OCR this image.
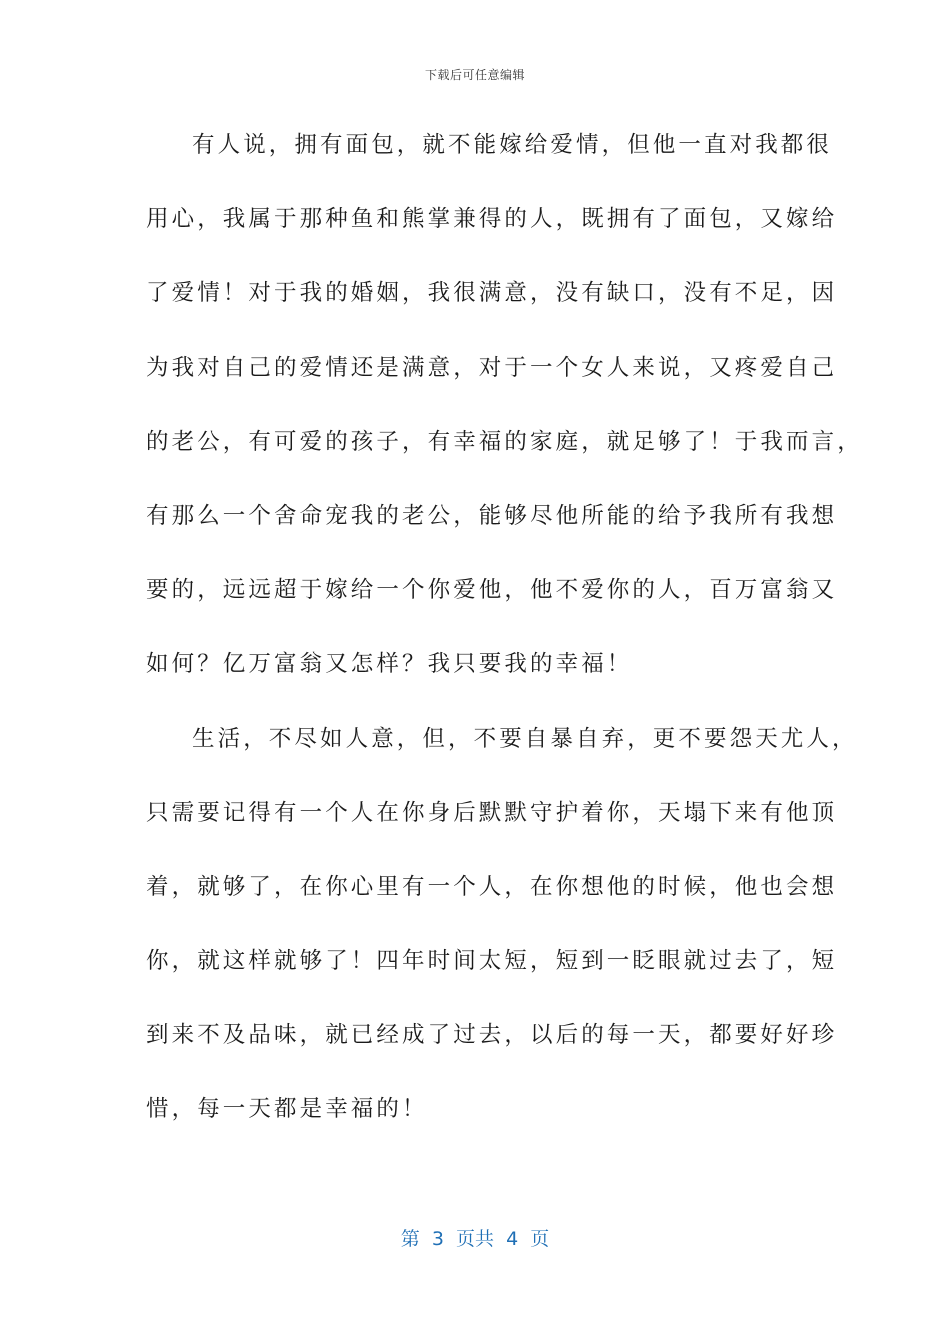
下载后可任意编辑
有人说，拥有面包，就不能嫁给爱情，但他一直对我都很
用心，我属于那种鱼和熊掌兼得的人，既拥有了面包，又嫁给
了爱情！对于我的婚姻，我很满意，没有缺口，没有不足，因
为我对自己的爱情还是满意，对于一个女人来说，又疼爱自己
的老公，有可爱的孩子，有幸福的家庭，就足够了！于我而言，
有那么一个舍命宠我的老公，能够尽他所能的给予我所有我想
要的，远远超于嫁给一个你爱他，他不爱你的人，百万富翁又
如何？亿万富翁又怎样？我只要我的幸福！
生活，不尽如人意，但，不要自暴自弃，更不要怨天尤人，
只需要记得有一个人在你身后默默守护着你，天塌下来有他顶
着，就够了，在你心里有一个人，在你想他的时候，他也会想
你，就这样就够了！四年时间太短，短到一眨眼就过去了，短
到来不及品味，就已经成了过去，以后的每一天，都要好好珍
惜，每一天都是幸福的！
第  3  页共  4  页
